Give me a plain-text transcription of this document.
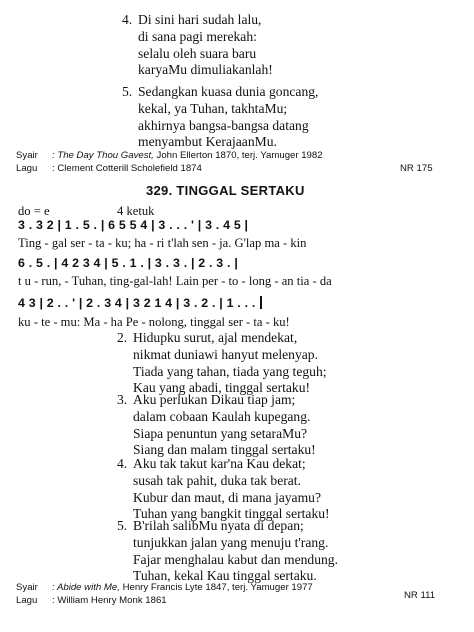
4. Di sini hari sudah lalu,
di sana pagi merekah:
selalu oleh suara baru
karyaMu dimuliakanlah!
5. Sedangkan kuasa dunia goncang,
kekal, ya Tuhan, takhtaMu;
akhirnya bangsa-bangsa datang
menyambut KerajaanMu.
Syair : The Day Thou Gavest, John Ellerton 1870, terj. Yamuger 1982
Lagu : Clement Cotterill Scholefield 1874	NR 175
329. TINGGAL SERTAKU
do = e	4 ketuk
3 . 3 2 | 1 . 5 . | 6 5 5 4 | 3 . . . ' | 3 . 4 5 |
Ting - gal ser - ta - ku; ha - ri t'lah sen - ja. G'lap ma - kin
6 . 5 . | 4 2 3 4 | 5 . 1 . | 3 . 3 . | 2 . 3 . |
t u - run, - Tuhan, ting-gal-lah! Lain per - to - long - an tia - da
4 3 | 2 . . ' | 2 . 3 4 | 3 2 1 4 | 3 . 2 . | 1 . . .
ku - te - mu: Ma - ha Pe - nolong, tinggal ser - ta - ku!
2. Hidupku surut, ajal mendekat,
nikmat duniawi hanyut melenyap.
Tiada yang tahan, tiada yang teguh;
Kau yang abadi, tinggal sertaku!
3. Aku perlukan Dikau tiap jam;
dalam cobaan Kaulah kupegang.
Siapa penuntun yang setaraMu?
Siang dan malam tinggal sertaku!
4. Aku tak takut kar'na Kau dekat;
susah tak pahit, duka tak berat.
Kubur dan maut, di mana jayamu?
Tuhan yang bangkit tinggal sertaku!
5. B'rilah salibMu nyata di depan;
tunjukkan jalan yang menuju t'rang.
Fajar menghalau kabut dan mendung.
Tuhan, kekal Kau tinggal sertaku.
Syair : Abide with Me, Henry Francis Lyte 1847, terj. Yamuger 1977
Lagu : William Henry Monk 1861	NR 111
